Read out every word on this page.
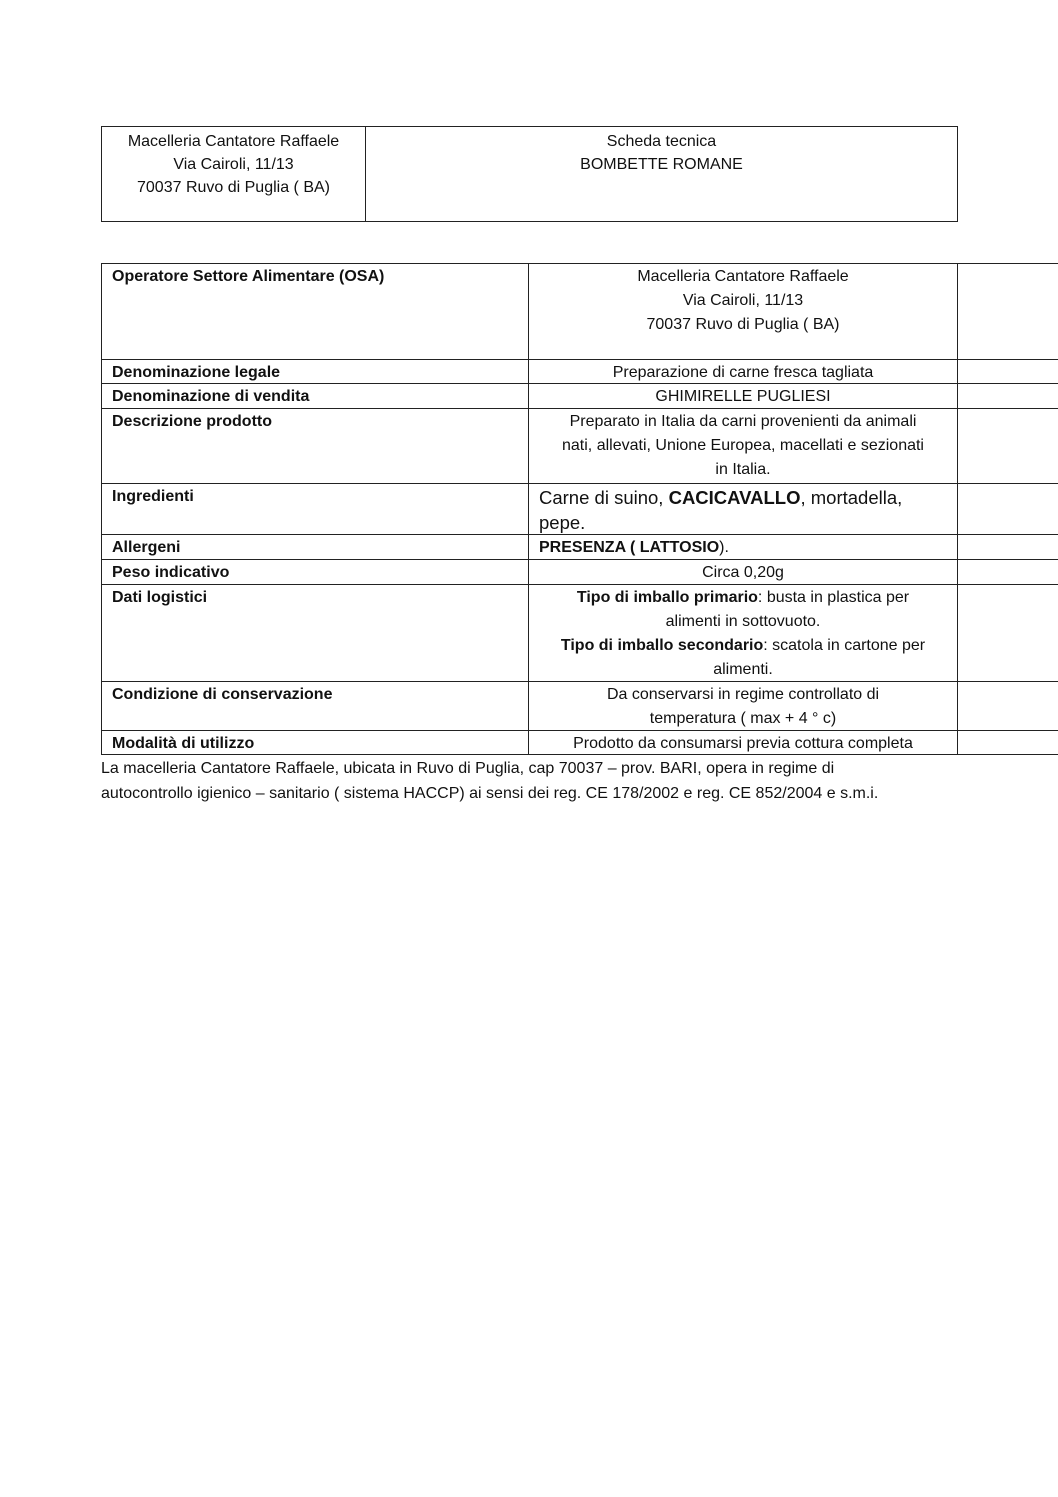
Macelleria Cantatore Raffaele
Via Cairoli, 11/13
70037 Ruvo di Puglia ( BA)
Scheda tecnica
BOMBETTE ROMANE
Operatore Settore Alimentare (OSA)	Macelleria Cantatore Raffaele
Via Cairoli, 11/13
70037 Ruvo di Puglia ( BA)
Denominazione legale	Preparazione di carne fresca tagliata
Denominazione di vendita	GHIMIRELLE PUGLIESI
Descrizione prodotto	Preparato in Italia da carni provenienti da animali
nati, allevati, Unione Europea, macellati e sezionati
in Italia.
Ingredienti	Carne di suino, CACICAVALLO, mortadella,
pepe.
Allergeni	PRESENZA ( LATTOSIO).
Peso indicativo	Circa 0,20g
Dati logistici	Tipo di imballo primario: busta in plastica per
alimenti in sottovuoto.
Tipo di imballo secondario: scatola in cartone per
alimenti.
Condizione di conservazione	Da conservarsi in regime controllato di
temperatura ( max + 4 ° c)
Modalità di utilizzo	Prodotto da consumarsi previa cottura completa
La macelleria Cantatore Raffaele, ubicata in Ruvo di Puglia, cap 70037 – prov. BARI, opera in regime di
autocontrollo igienico – sanitario ( sistema HACCP) ai sensi dei reg. CE 178/2002 e reg. CE 852/2004 e s.m.i.
